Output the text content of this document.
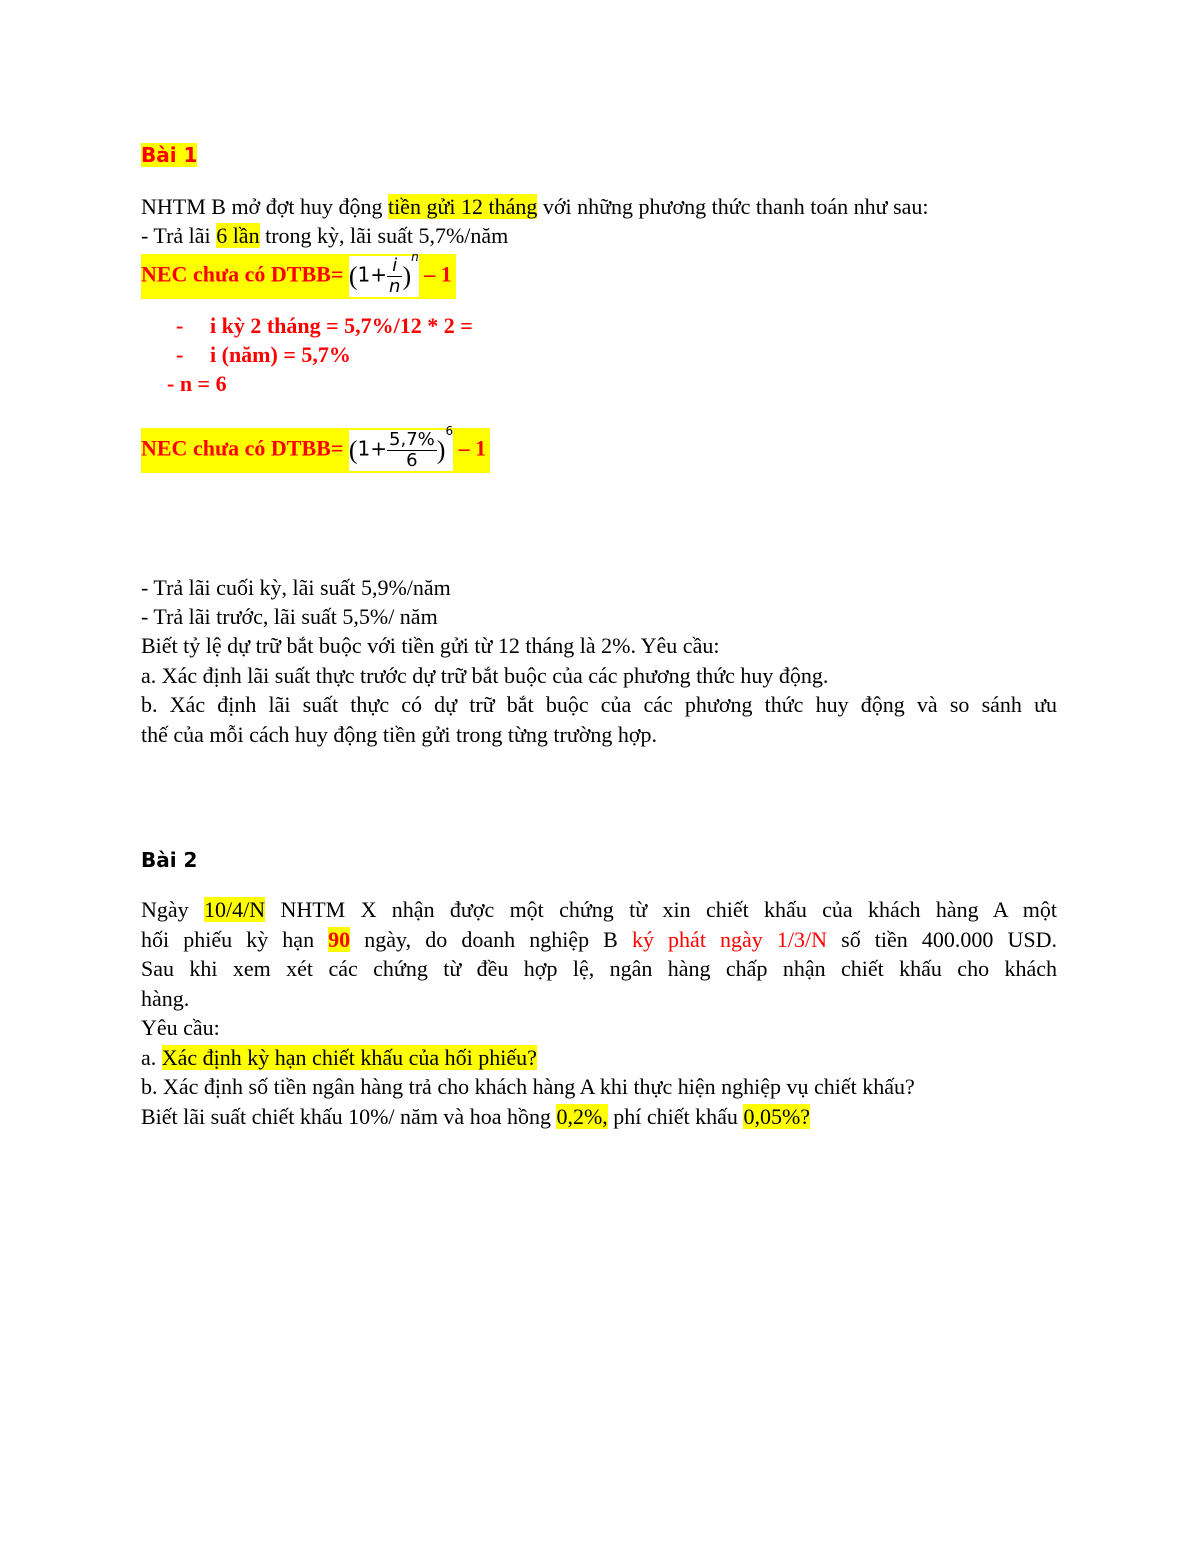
Bài 1
NHTM B mở đợt huy động tiền gửi 12 tháng với những phương thức thanh toán như sau:
- Trả lãi 6 lần trong kỳ, lãi suất 5,7%/năm
NEC chưa có DTBB= $(1+ \frac{i}{n} )^n - 1$
- i kỳ 2 tháng = 5,7%/12 * 2 =
- i (năm) = 5,7%
- n = 6
NEC chưa có DTBB= $(1+ \frac{5,7\%}{6} )^6 - 1$
- Trả lãi cuối kỳ, lãi suất 5,9%/năm
- Trả lãi trước, lãi suất 5,5%/ năm
Biết tỷ lệ dự trữ bắt buộc với tiền gửi từ 12 tháng là 2%. Yêu cầu:
a. Xác định lãi suất thực trước dự trữ bắt buộc của các phương thức huy động.
b. Xác định lãi suất thực có dự trữ bắt buộc của các phương thức huy động và so sánh ưu
thế của mỗi cách huy động tiền gửi trong từng trường hợp.
Bài 2
Ngày 10/4/N NHTM X nhận được một chứng từ xin chiết khấu của khách hàng A một
hối phiếu kỳ hạn 90 ngày, do doanh nghiệp B ký phát ngày 1/3/N số tiền 400.000 USD.
Sau khi xem xét các chứng từ đều hợp lệ, ngân hàng chấp nhận chiết khấu cho khách
hàng.
Yêu cầu:
a. Xác định kỳ hạn chiết khấu của hối phiếu?
b. Xác định số tiền ngân hàng trả cho khách hàng A khi thực hiện nghiệp vụ chiết khấu?
Biết lãi suất chiết khấu 10%/ năm và hoa hồng 0,2%, phí chiết khấu 0,05%?
